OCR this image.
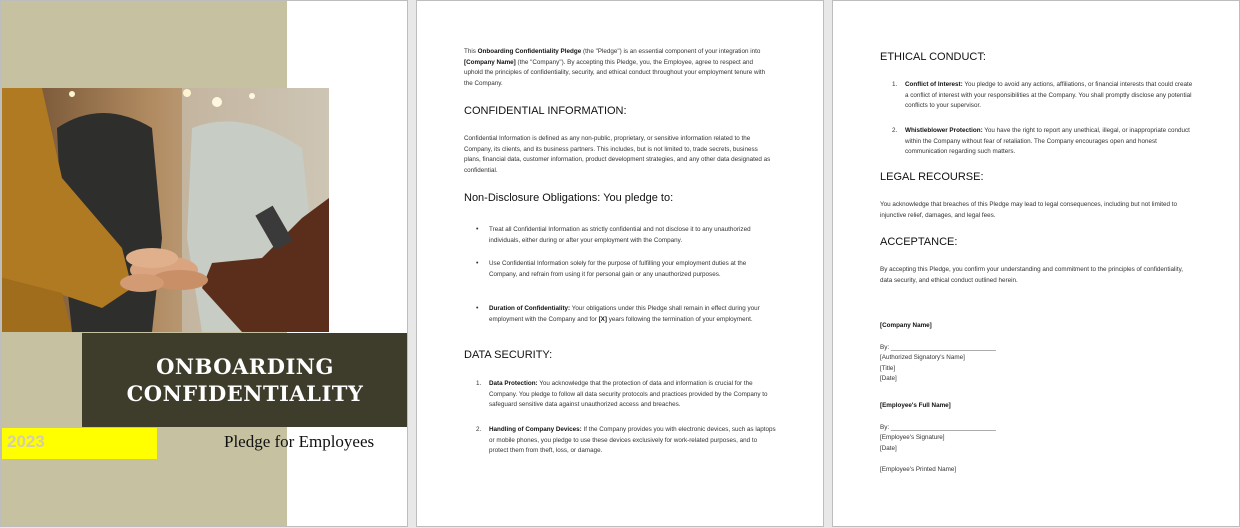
ONBOARDING
CONFIDENTIALITY
2023	Pledge for Employees
This Onboarding Confidentiality Pledge (the "Pledge") is an essential component of your integration into [Company Name] (the "Company"). By accepting this Pledge, you, the Employee, agree to respect and uphold the principles of confidentiality, security, and ethical conduct throughout your employment tenure with the Company.
CONFIDENTIAL INFORMATION:
Confidential Information is defined as any non-public, proprietary, or sensitive information related to the Company, its clients, and its business partners. This includes, but is not limited to, trade secrets, business plans, financial data, customer information, product development strategies, and any other data designated as confidential.
Non-Disclosure Obligations: You pledge to:
• Treat all Confidential Information as strictly confidential and not disclose it to any unauthorized individuals, either during or after your employment with the Company.
• Use Confidential Information solely for the purpose of fulfilling your employment duties at the Company, and refrain from using it for personal gain or any unauthorized purposes.
• Duration of Confidentiality: Your obligations under this Pledge shall remain in effect during your employment with the Company and for [X] years following the termination of your employment.
DATA SECURITY:
1. Data Protection: You acknowledge that the protection of data and information is crucial for the Company. You pledge to follow all data security protocols and practices provided by the Company to safeguard sensitive data against unauthorized access and breaches.
2. Handling of Company Devices: If the Company provides you with electronic devices, such as laptops or mobile phones, you pledge to use these devices exclusively for work-related purposes, and to protect them from theft, loss, or damage.
ETHICAL CONDUCT:
1. Conflict of Interest: You pledge to avoid any actions, affiliations, or financial interests that could create a conflict of interest with your responsibilities at the Company. You shall promptly disclose any potential conflicts to your supervisor.
2. Whistleblower Protection: You have the right to report any unethical, illegal, or inappropriate conduct within the Company without fear of retaliation. The Company encourages open and honest communication regarding such matters.
LEGAL RECOURSE:
You acknowledge that breaches of this Pledge may lead to legal consequences, including but not limited to injunctive relief, damages, and legal fees.
ACCEPTANCE:
By accepting this Pledge, you confirm your understanding and commitment to the principles of confidentiality, data security, and ethical conduct outlined herein.
[Company Name]
By: ______________________________
[Authorized Signatory's Name]
[Title]
[Date]
[Employee's Full Name]
By: ______________________________
[Employee's Signature]
[Date]
[Employee's Printed Name]
